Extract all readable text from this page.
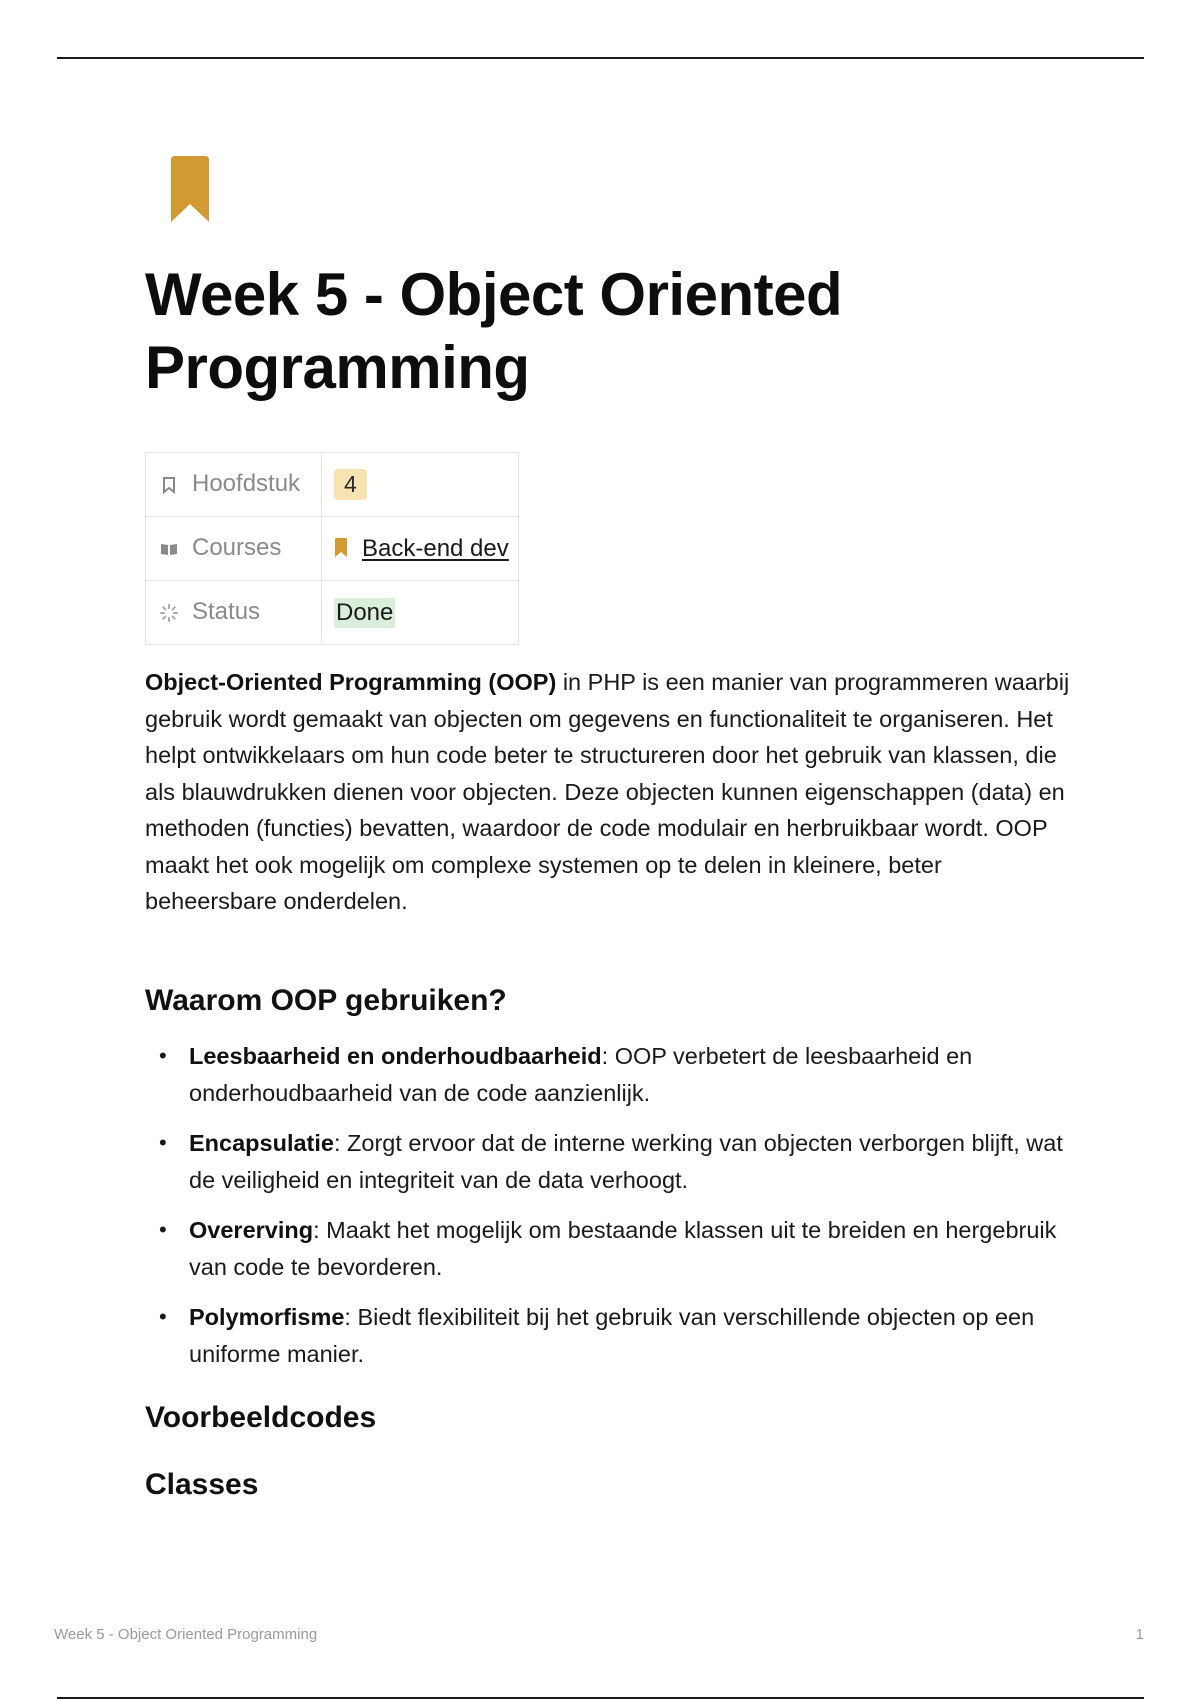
Week 5 - Object Oriented Programming
Hoofdstuk	4
Courses	Back-end dev
Status	Done

Object-Oriented Programming (OOP) in PHP is een manier van programmeren waarbij gebruik wordt gemaakt van objecten om gegevens en functionaliteit te organiseren. Het helpt ontwikkelaars om hun code beter te structureren door het gebruik van klassen, die als blauwdrukken dienen voor objecten. Deze objecten kunnen eigenschappen (data) en methoden (functies) bevatten, waardoor de code modulair en herbruikbaar wordt. OOP maakt het ook mogelijk om complexe systemen op te delen in kleinere, beter beheersbare onderdelen.

Waarom OOP gebruiken?
• Leesbaarheid en onderhoudbaarheid: OOP verbetert de leesbaarheid en onderhoudbaarheid van de code aanzienlijk.
• Encapsulatie: Zorgt ervoor dat de interne werking van objecten verborgen blijft, wat de veiligheid en integriteit van de data verhoogt.
• Overerving: Maakt het mogelijk om bestaande klassen uit te breiden en hergebruik van code te bevorderen.
• Polymorfisme: Biedt flexibiliteit bij het gebruik van verschillende objecten op een uniforme manier.
Voorbeeldcodes
Classes
Week 5 - Object Oriented Programming	1
